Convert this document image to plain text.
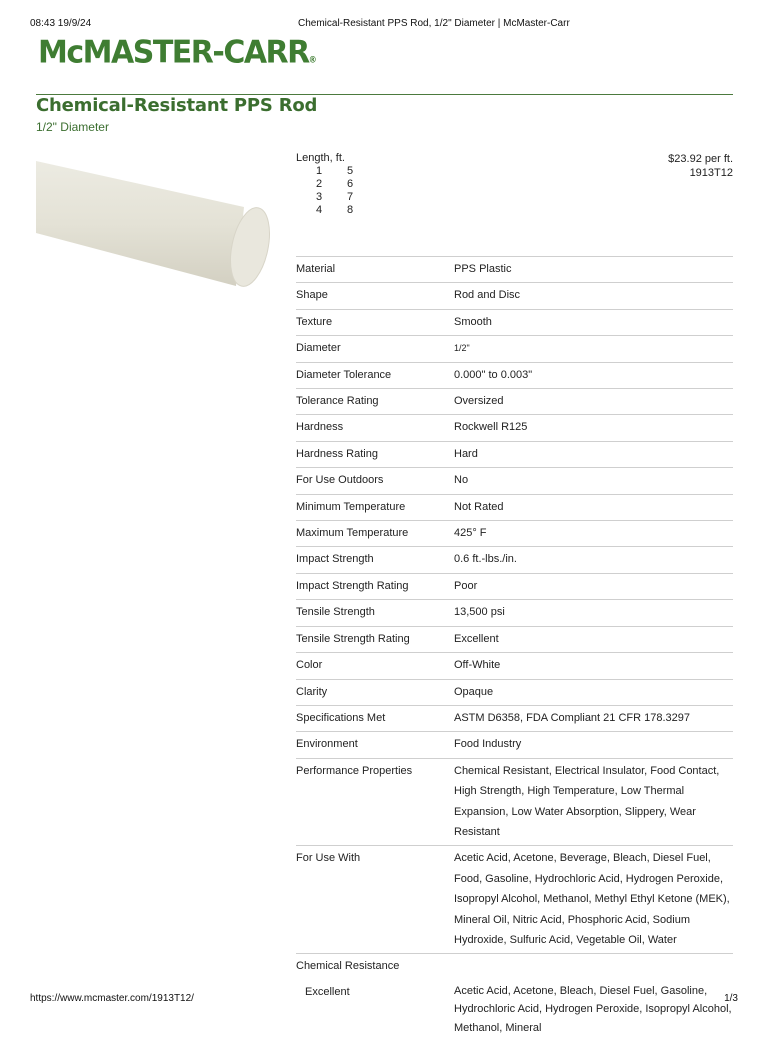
08:43 19/9/24	Chemical-Resistant PPS Rod, 1/2" Diameter | McMaster-Carr
McMASTER-CARR®
Chemical-Resistant PPS Rod
1/2" Diameter
Length, ft.
1	5
2	6
3	7
4	8
$23.92 per ft.
1913T12
Material	PPS Plastic
Shape	Rod and Disc
Texture	Smooth
Diameter	1/2"
Diameter Tolerance	0.000" to 0.003"
Tolerance Rating	Oversized
Hardness	Rockwell R125
Hardness Rating	Hard
For Use Outdoors	No
Minimum Temperature	Not Rated
Maximum Temperature	425° F
Impact Strength	0.6 ft.-lbs./in.
Impact Strength Rating	Poor
Tensile Strength	13,500 psi
Tensile Strength Rating	Excellent
Color	Off-White
Clarity	Opaque
Specifications Met	ASTM D6358, FDA Compliant 21 CFR 178.3297
Environment	Food Industry
Performance Properties	Chemical Resistant, Electrical Insulator, Food Contact, High Strength, High Temperature, Low Thermal Expansion, Low Water Absorption, Slippery, Wear Resistant
For Use With	Acetic Acid, Acetone, Beverage, Bleach, Diesel Fuel, Food, Gasoline, Hydrochloric Acid, Hydrogen Peroxide, Isopropyl Alcohol, Methanol, Methyl Ethyl Ketone (MEK), Mineral Oil, Nitric Acid, Phosphoric Acid, Sodium Hydroxide, Sulfuric Acid, Vegetable Oil, Water
Chemical Resistance	
Excellent	Acetic Acid, Acetone, Bleach, Diesel Fuel, Gasoline, Hydrochloric Acid, Hydrogen Peroxide, Isopropyl Alcohol, Methanol, Mineral
https://www.mcmaster.com/1913T12/	1/3
